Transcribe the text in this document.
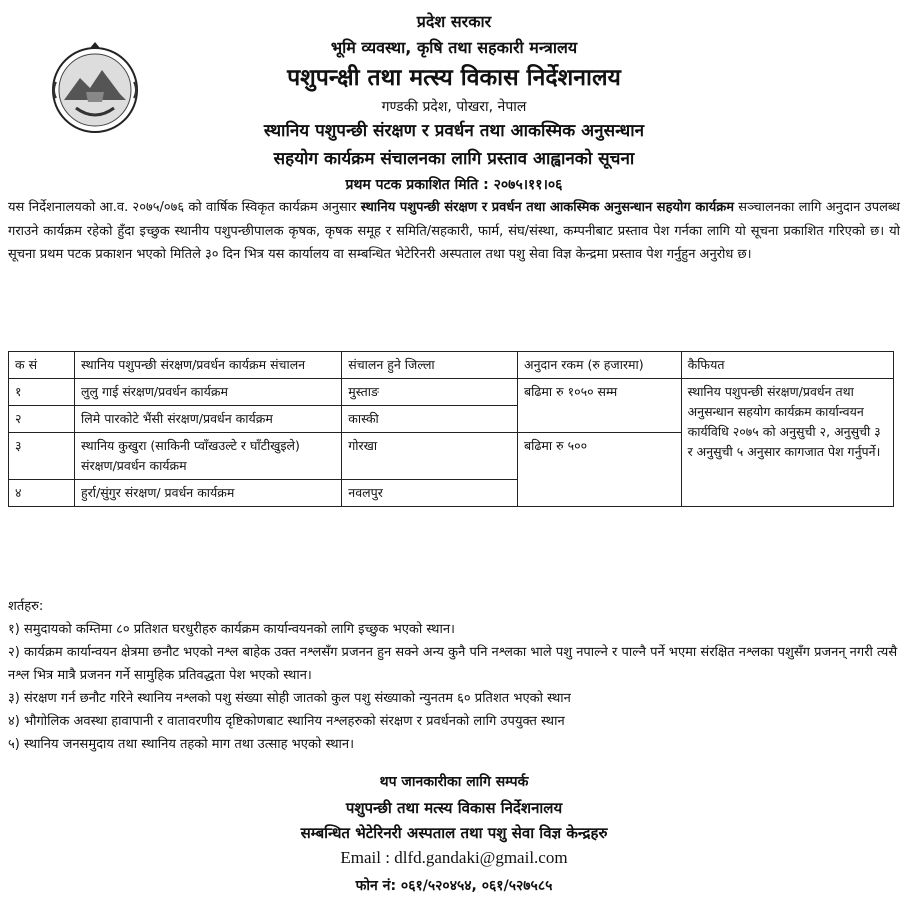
प्रदेश सरकार
भूमि व्यवस्था, कृषि तथा सहकारी मन्त्रालय
पशुपन्क्षी तथा मत्स्य विकास निर्देशनालय
गण्डकी प्रदेश, पोखरा, नेपाल
स्थानिय पशुपन्छी संरक्षण र प्रवर्धन तथा आकस्मिक अनुसन्धान
सहयोग कार्यक्रम संचालनका लागि प्रस्ताव आह्वानको सूचना
प्रथम पटक प्रकाशित मिति : २०७५।११।०६
यस निर्देशनालयको आ.व. २०७५/०७६ को वार्षिक स्विकृत कार्यक्रम अनुसार स्थानिय पशुपन्छी संरक्षण र प्रवर्धन तथा आकस्मिक अनुसन्धान सहयोग कार्यक्रम सञ्चालनका लागि अनुदान उपलब्ध गराउने कार्यक्रम रहेको हुँदा इच्छुक स्थानीय पशुपन्छीपालक कृषक, कृषक समूह र समिति/सहकारी, फार्म, संघ/संस्था, कम्पनीबाट प्रस्ताव पेश गर्नका लागि यो सूचना प्रकाशित गरिएको छ। यो सूचना प्रथम पटक प्रकाशन भएको मितिले ३० दिन भित्र यस कार्यालय वा सम्बन्धित भेटेरिनरी अस्पताल तथा पशु सेवा विज्ञ केन्द्रमा प्रस्ताव पेश गर्नुहुन अनुरोध छ।
क सं	स्थानिय पशुपन्छी संरक्षण/प्रवर्धन कार्यक्रम संचालन	संचालन हुने जिल्ला	अनुदान रकम (रु हजारमा)	कैफियत
१	लुलु गाई संरक्षण/प्रवर्धन कार्यक्रम	मुस्ताङ	बढिमा रु १०५० सम्म	स्थानिय पशुपन्छी संरक्षण/प्रवर्धन तथा अनुसन्धान सहयोग कार्यक्रम कार्यान्वयन कार्यविधि २०७५ को अनुसुची २, अनुसुची ३ र अनुसुची ५ अनुसार कागजात पेश गर्नुपर्ने।
२	लिमे पारकोटे भैंसी संरक्षण/प्रवर्धन कार्यक्रम	कास्की		
३	स्थानिय कुखुरा (साकिनी प्वाँखउल्टे र घाँटीखुइले) संरक्षण/प्रवर्धन कार्यक्रम	गोरखा	बढिमा रु ५००	
४	हुर्रा/सुंगुर संरक्षण/ प्रवर्धन कार्यक्रम	नवलपुर		
शर्तहरु:
१) समुदायको कम्तिमा ८० प्रतिशत घरधुरीहरु कार्यक्रम कार्यान्वयनको लागि इच्छुक भएको स्थान।
२) कार्यक्रम कार्यान्वयन क्षेत्रमा छनौट भएको नश्ल बाहेक उक्त नश्लसँग प्रजनन हुन सक्ने अन्य कुनै पनि नश्लका भाले पशु नपाल्ने र पाल्नै पर्ने भएमा संरक्षित नश्लका पशुसँग प्रजनन् नगरी त्यसै नश्ल भित्र मात्रै प्रजनन गर्ने सामुहिक प्रतिवद्धता पेश भएको स्थान।
३) संरक्षण गर्न छनौट गरिने स्थानिय नश्लको पशु संख्या सोही जातको कुल पशु संख्याको न्युनतम ६० प्रतिशत भएको स्थान
४) भौगोलिक अवस्था हावापानी र वातावरणीय दृष्टिकोणबाट स्थानिय नश्लहरुको संरक्षण र प्रवर्धनको लागि उपयुक्त स्थान
५) स्थानिय जनसमुदाय तथा स्थानिय तहको माग तथा उत्साह भएको स्थान।
थप जानकारीका लागि सम्पर्क
पशुपन्छी तथा मत्स्य विकास निर्देशनालय
सम्बन्धित भेटेरिनरी अस्पताल तथा पशु सेवा विज्ञ केन्द्रहरु
Email : dlfd.gandaki@gmail.com
फोन नं: ०६१/५२०४५४, ०६१/५२७५८५
